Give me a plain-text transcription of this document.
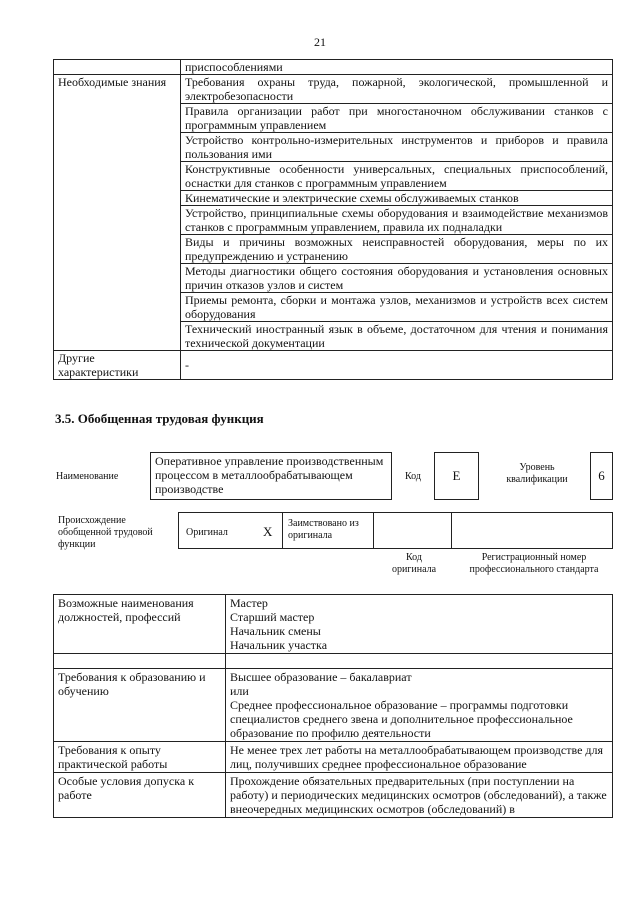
21
	приспособлениями
Необходимые знания	Требования охраны труда, пожарной, экологической, промышленной и электробезопасности
	Правила организации работ при многостаночном обслуживании станков с программным управлением
	Устройство контрольно-измерительных инструментов и приборов и правила пользования ими
	Конструктивные особенности универсальных, специальных приспособлений, оснастки для станков с программным управлением
	Кинематические и электрические схемы обслуживаемых станков
	Устройство, принципиальные схемы оборудования и взаимодействие механизмов станков с программным управлением, правила их подналадки
	Виды и причины возможных неисправностей оборудования, меры по их предупреждению и устранению
	Методы диагностики общего состояния оборудования и установления основных причин отказов узлов и систем
	Приемы ремонта, сборки и монтажа узлов, механизмов и устройств всех систем оборудования
	Технический иностранный язык в объеме, достаточном для чтения и понимания технической документации
Другие характеристики	-
3.5. Обобщенная трудовая функция
Наименование
Оперативное управление производственным процессом в металлообрабатывающем производстве
Код	E
Уровень квалификации	6
Происхождение обобщенной трудовой функции
Оригинал	X
Заимствовано из оригинала
Код оригинала
Регистрационный номер профессионального стандарта
Возможные наименования должностей, профессий	Мастер
Старший мастер
Начальник смены
Начальник участка

Требования к образованию и обучению	Высшее образование – бакалавриат
или
Среднее профессиональное образование – программы подготовки специалистов среднего звена и дополнительное профессиональное образование по профилю деятельности

Требования к опыту практической работы	Не менее трех лет работы на металлообрабатывающем производстве для лиц, получивших среднее профессиональное образование
Особые условия допуска к работе	Прохождение обязательных предварительных (при поступлении на работу) и периодических медицинских осмотров (обследований), а также внеочередных медицинских осмотров (обследований) в
